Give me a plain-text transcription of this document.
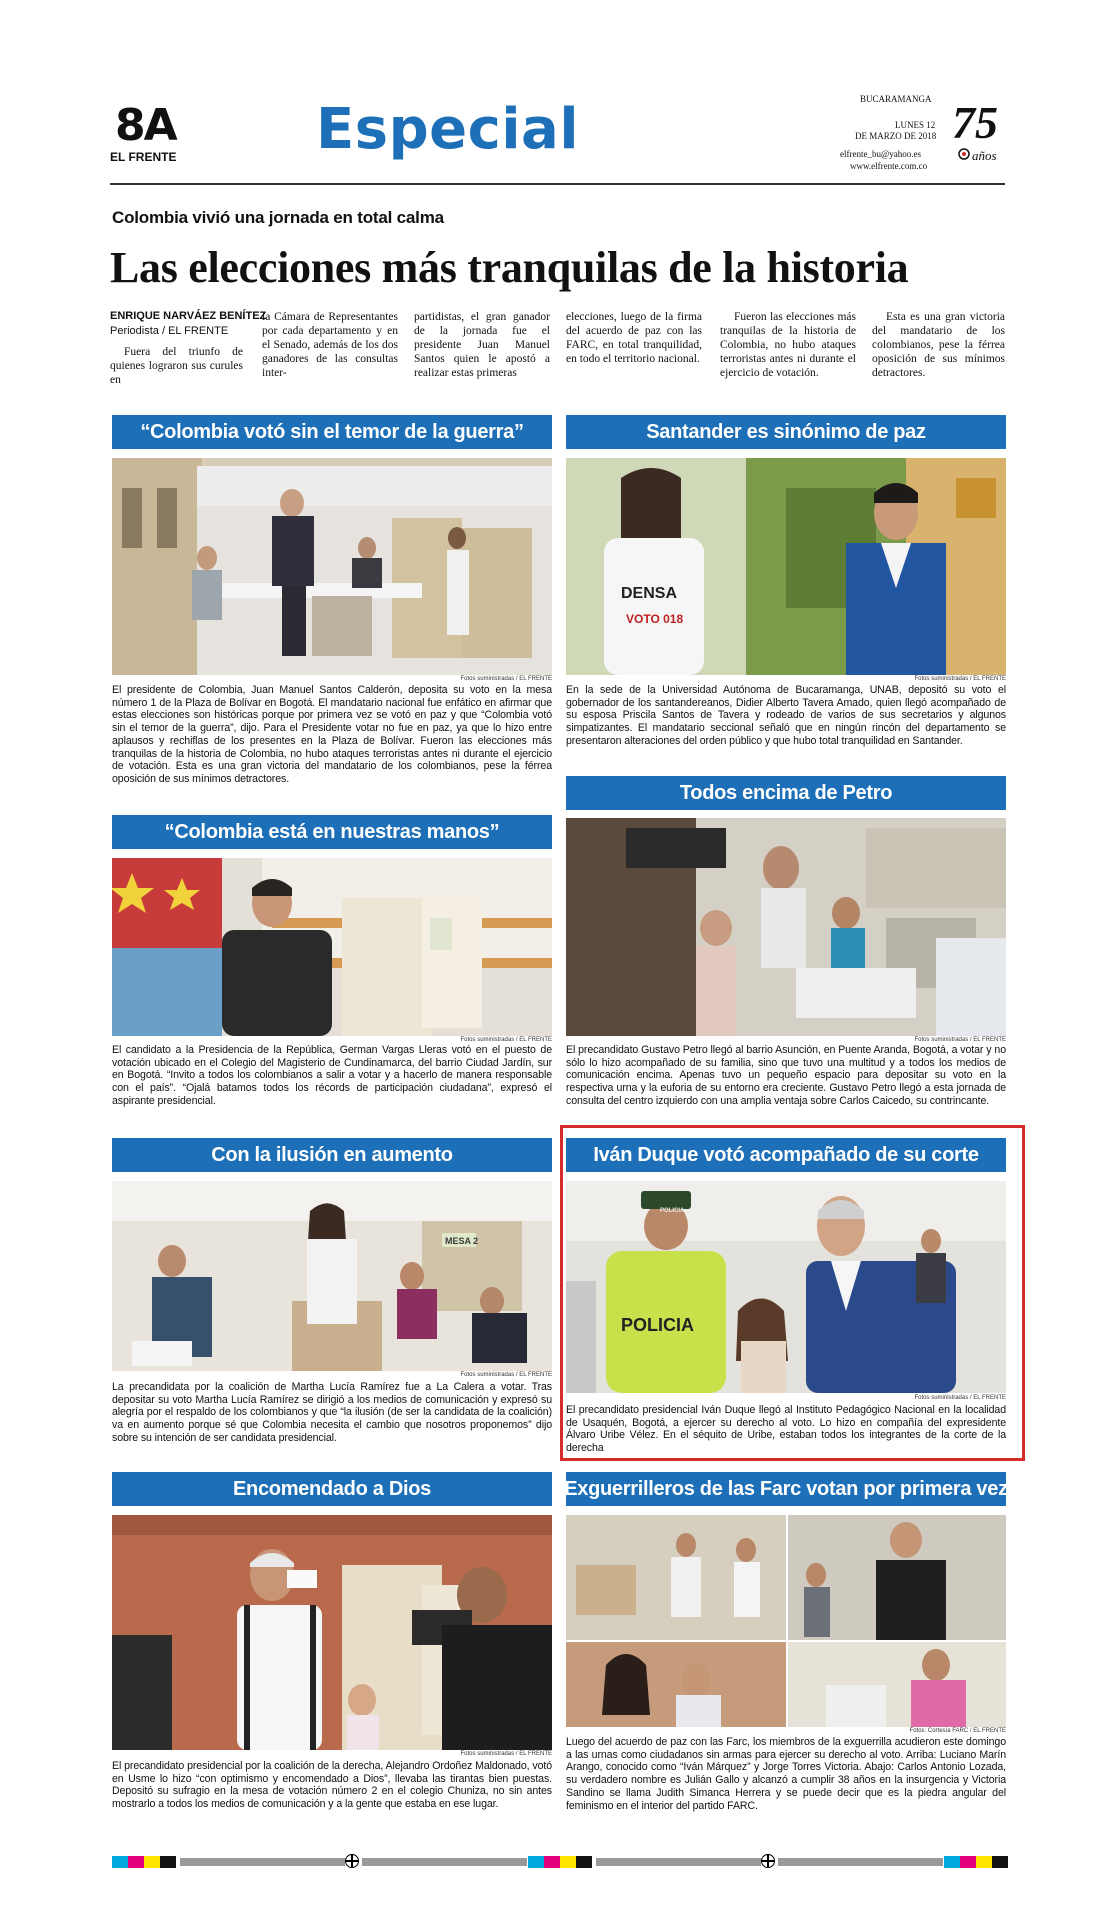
8A
EL FRENTE Especial	BUCARAMANGA
LUNES 12
DE MARZO DE 2018
elfrente_bu@yahoo.es
www.elfrente.com.co
75
años
Colombia vivió una jornada en total calma
Las elecciones más tranquilas de la historia
ENRIQUE NARVÁEZ BENÍTEZ
Periodista / EL FRENTE
Fuera del triunfo de quienes lograron sus curules en
la Cámara de Representantes por cada departamento y en el Senado, además de los dos ganadores de las consultas inter-
partidistas, el gran ganador de la jornada fue el presidente Juan Manuel Santos quien le apostó a realizar estas primeras
elecciones, luego de la firma del acuerdo de paz con las FARC, en total tranquilidad, en todo el territorio nacional.
Fueron las elecciones más tranquilas de la historia de Colombia, no hubo ataques terroristas antes ni durante el ejercicio de votación.
Esta es una gran victoria del mandatario de los colombianos, pese la férrea oposición de sus mínimos detractores.
“Colombia votó sin el temor de la guerra”
Fotos suministradas / EL FRENTE
El presidente de Colombia, Juan Manuel Santos Calderón, deposita su voto en la mesa número 1 de la Plaza de Bolívar en Bogotá. El mandatario nacional fue enfático en afirmar que estas elecciones son históricas porque por primera vez se votó en paz y que “Colombia votó sin el temor de la guerra”, dijo. Para el Presidente votar no fue en paz, ya que lo hizo entre aplausos y rechiflas de los presentes en la Plaza de Bolívar. Fueron las elecciones más tranquilas de la historia de Colombia, no hubo ataques terroristas antes ni durante el ejercicio de votación. Esta es una gran victoria del mandatario de los colombianos, pese la férrea oposición de sus mínimos detractores.
Santander es sinónimo de paz
DENSA
VOTO 018
Fotos suministradas / EL FRENTE
En la sede de la Universidad Autónoma de Bucaramanga, UNAB, depositó su voto el gobernador de los santandereanos, Didier Alberto Tavera Amado, quien llegó acompañado de su esposa Priscila Santos de Tavera y rodeado de varios de sus secretarios y algunos simpatizantes. El mandatario seccional señaló que en ningún rincón del departamento se presentaron alteraciones del orden público y que hubo total tranquilidad en Santander.
Todos encima de Petro
Fotos suministradas / EL FRENTE
El precandidato Gustavo Petro llegó al barrio Asunción, en Puente Aranda, Bogotá, a votar y no sólo lo hizo acompañado de su familia, sino que tuvo una multitud y a todos los medios de comunicación encima. Apenas tuvo un pequeño espacio para depositar su voto en la respectiva urna y la euforia de su entorno era creciente. Gustavo Petro llegó a esta jornada de consulta del centro izquierdo con una amplia ventaja sobre Carlos Caicedo, su contrincante.
“Colombia está en nuestras manos”
Fotos suministradas / EL FRENTE
El candidato a la Presidencia de la República, German Vargas Lleras votó en el puesto de votación ubicado en el Colegio del Magisterio de Cundinamarca, del barrio Ciudad Jardín, sur en Bogotá. “Invito a todos los colombianos a salir a votar y a hacerlo de manera responsable con el país”. “Ojalá batamos todos los récords de participación ciudadana”, expresó el aspirante presidencial.
Con la ilusión en aumento
MESA 2
Fotos suministradas / EL FRENTE
La precandidata por la coalición de Martha Lucía Ramírez fue a La Calera a votar. Tras depositar su voto Martha Lucía Ramírez se dirigió a los medios de comunicación y expresó su alegría por el respaldo de los colombianos y que “la ilusión (de ser la candidata de la coalición) va en aumento porque sé que Colombia necesita el cambio que nosotros proponemos” dijo sobre su intención de ser candidata presidencial.
Iván Duque votó acompañado de su corte
POLICIA
POLICIA
Fotos suministradas / EL FRENTE
El precandidato presidencial Iván Duque llegó al Instituto Pedagógico Nacional en la localidad de Usaquén, Bogotá, a ejercer su derecho al voto. Lo hizo en compañía del expresidente Álvaro Uribe Vélez. En el séquito de Uribe, estaban todos los integrantes de la corte de la derecha
Encomendado a Dios
Fotos suministradas / EL FRENTE
El precandidato presidencial por la coalición de la derecha, Alejandro Ordoñez Maldonado, votó en Usme lo hizo “con optimismo y encomendado a Dios”, llevaba las tirantas bien puestas. Depositó su sufragio en la mesa de votación número 2 en el colegio Chuniza, no sin antes mostrarlo a todos los medios de comunicación y a la gente que estaba en ese lugar.
Exguerrilleros de las Farc votan por primera vez
Fotos: Cortesía FARC / EL FRENTE
Luego del acuerdo de paz con las Farc, los miembros de la exguerrilla acudieron este domingo a las urnas como ciudadanos sin armas para ejercer su derecho al voto. Arriba: Luciano Marín Arango, conocido como “Iván Márquez” y Jorge Torres Victoria. Abajo: Carlos Antonio Lozada, su verdadero nombre es Julián Gallo y alcanzó a cumplir 38 años en la insurgencia y Victoria Sandino se llama Judith Simanca Herrera y se puede decir que es la piedra angular del feminismo en el interior del partido FARC.
